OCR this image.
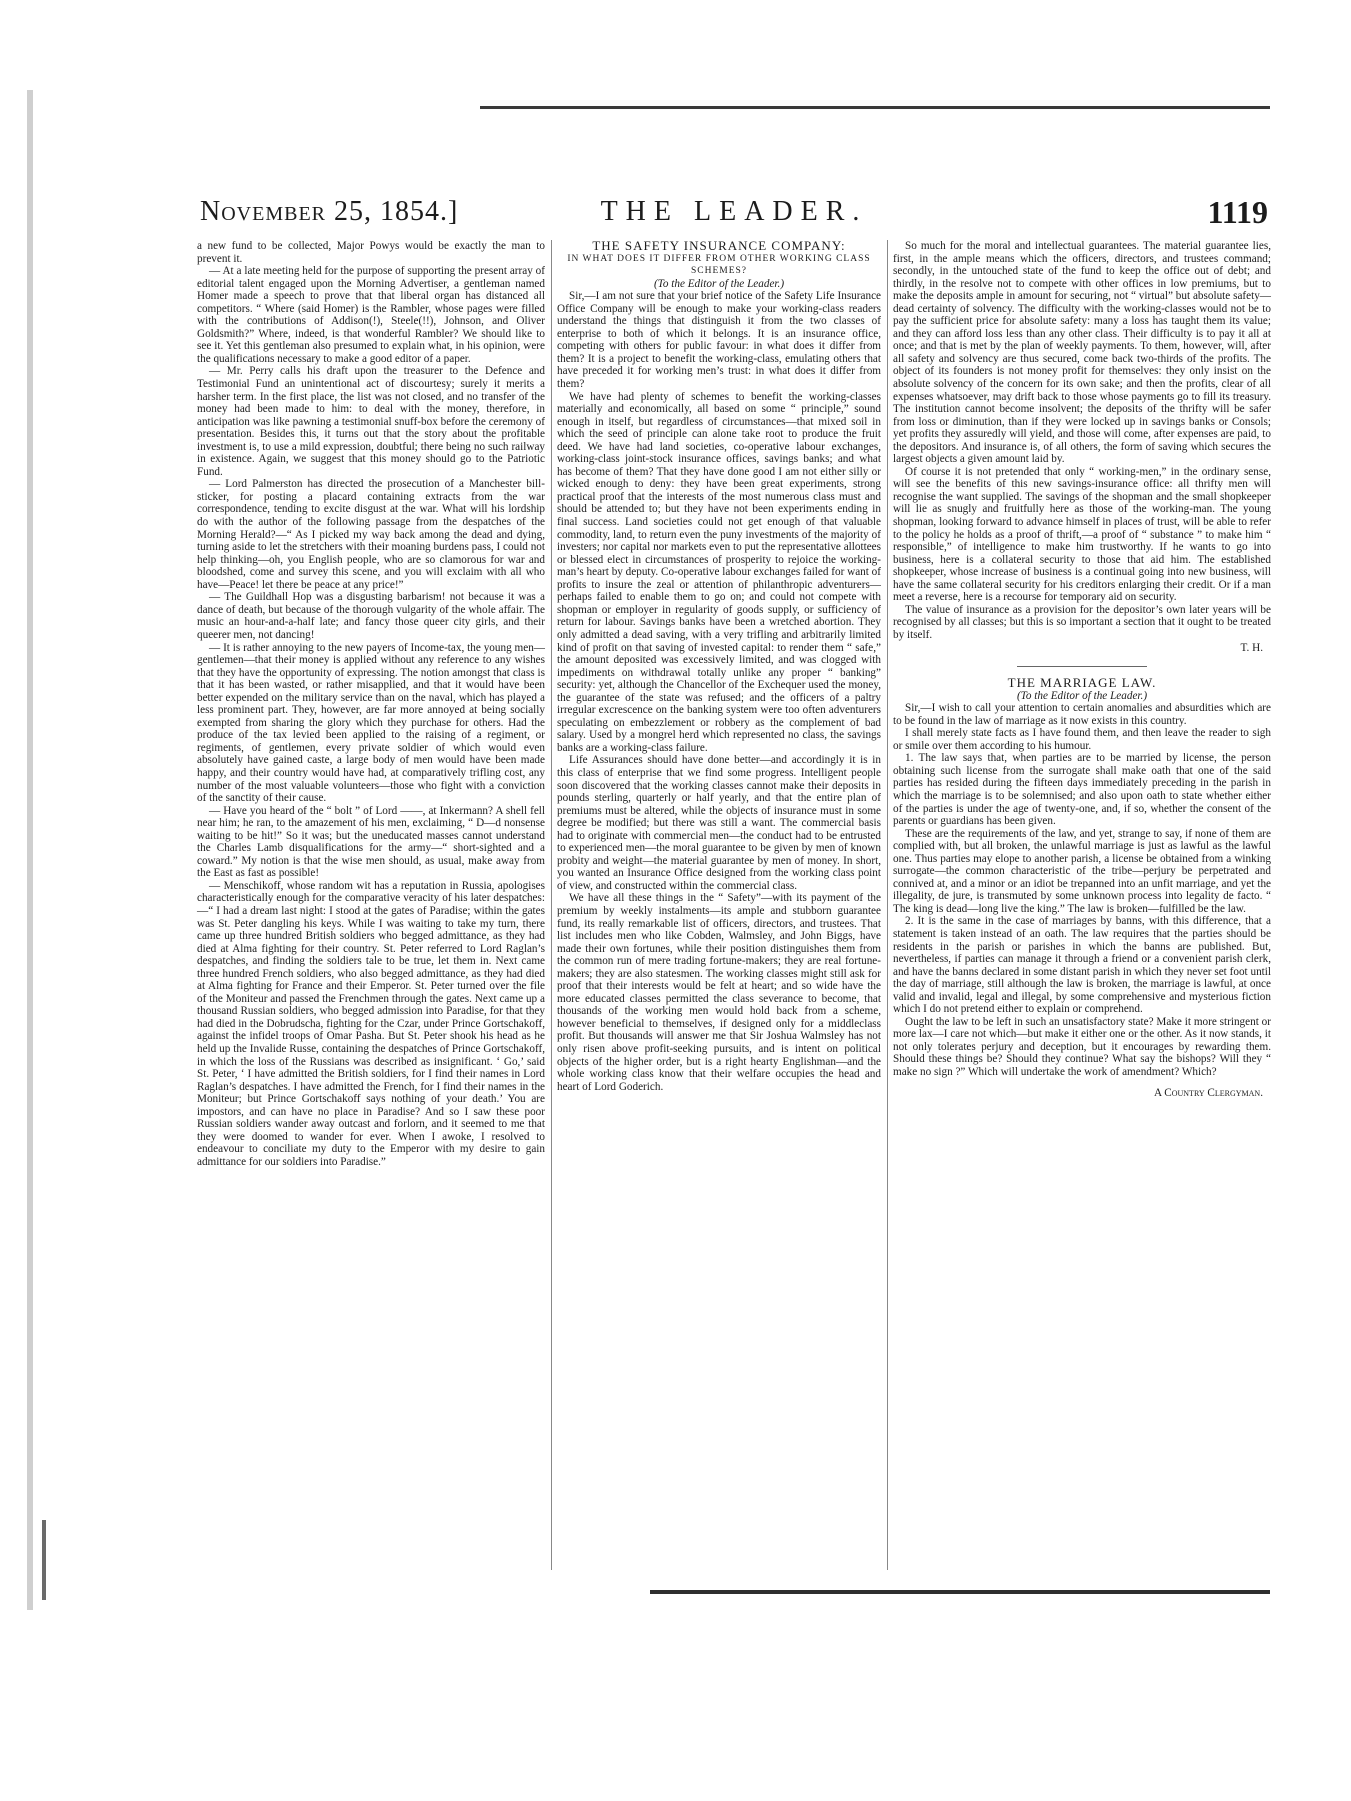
November 25, 1854.]	THE LEADER.	1119

a new fund to be collected, Major Powys would be exactly the man to prevent it.

— At a late meeting held for the purpose of supporting the present array of editorial talent engaged upon the Morning Advertiser, a gentleman named Homer made a speech to prove that that liberal organ has distanced all competitors. “ Where (said Homer) is the Rambler, whose pages were filled with the contributions of Addison(!), Steele(!!), Johnson, and Oliver Goldsmith?” Where, indeed, is that wonderful Rambler? We should like to see it. Yet this gentleman also presumed to explain what, in his opinion, were the qualifications necessary to make a good editor of a paper.

— Mr. Perry calls his draft upon the treasurer to the Defence and Testimonial Fund an unintentional act of discourtesy; surely it merits a harsher term. In the first place, the list was not closed, and no transfer of the money had been made to him: to deal with the money, therefore, in anticipation was like pawning a testimonial snuff-box before the ceremony of presentation. Besides this, it turns out that the story about the profitable investment is, to use a mild expression, doubtful; there being no such railway in existence. Again, we suggest that this money should go to the Patriotic Fund.

— Lord Palmerston has directed the prosecution of a Manchester bill-sticker, for posting a placard containing extracts from the war correspondence, tending to excite disgust at the war. What will his lordship do with the author of the following passage from the despatches of the Morning Herald?—“ As I picked my way back among the dead and dying, turning aside to let the stretchers with their moaning burdens pass, I could not help thinking—oh, you English people, who are so clamorous for war and bloodshed, come and survey this scene, and you will exclaim with all who have—Peace! let there be peace at any price!”

— The Guildhall Hop was a disgusting barbarism! not because it was a dance of death, but because of the thorough vulgarity of the whole affair. The music an hour-and-a-half late; and fancy those queer city girls, and their queerer men, not dancing!

— It is rather annoying to the new payers of Income-tax, the young men—gentlemen—that their money is applied without any reference to any wishes that they have the opportunity of expressing. The notion amongst that class is that it has been wasted, or rather misapplied, and that it would have been better expended on the military service than on the naval, which has played a less prominent part. They, however, are far more annoyed at being socially exempted from sharing the glory which they purchase for others. Had the produce of the tax levied been applied to the raising of a regiment, or regiments, of gentlemen, every private soldier of which would even absolutely have gained caste, a large body of men would have been made happy, and their country would have had, at comparatively trifling cost, any number of the most valuable volunteers—those who fight with a conviction of the sanctity of their cause.

— Have you heard of the “ bolt ” of Lord ——, at Inkermann? A shell fell near him; he ran, to the amazement of his men, exclaiming, “ D—d nonsense waiting to be hit!” So it was; but the uneducated masses cannot understand the Charles Lamb disqualifications for the army—“ short-sighted and a coward.” My notion is that the wise men should, as usual, make away from the East as fast as possible!

— Menschikoff, whose random wit has a reputation in Russia, apologises characteristically enough for the comparative veracity of his later despatches:—“ I had a dream last night: I stood at the gates of Paradise; within the gates was St. Peter dangling his keys. While I was waiting to take my turn, there came up three hundred British soldiers who begged admittance, as they had died at Alma fighting for their country. St. Peter referred to Lord Raglan’s despatches, and finding the soldiers tale to be true, let them in. Next came three hundred French soldiers, who also begged admittance, as they had died at Alma fighting for France and their Emperor. St. Peter turned over the file of the Moniteur and passed the Frenchmen through the gates. Next came up a thousand Russian soldiers, who begged admission into Paradise, for that they had died in the Dobrudscha, fighting for the Czar, under Prince Gortschakoff, against the infidel troops of Omar Pasha. But St. Peter shook his head as he held up the Invalide Russe, containing the despatches of Prince Gortschakoff, in which the loss of the Russians was described as insignificant. ‘ Go,’ said St. Peter, ‘ I have admitted the British soldiers, for I find their names in Lord Raglan’s despatches. I have admitted the French, for I find their names in the Moniteur; but Prince Gortschakoff says nothing of your death.’ You are impostors, and can have no place in Paradise? And so I saw these poor Russian soldiers wander away outcast and forlorn, and it seemed to me that they were doomed to wander for ever. When I awoke, I resolved to endeavour to conciliate my duty to the Emperor with my desire to gain admittance for our soldiers into Paradise.”

THE SAFETY INSURANCE COMPANY:

IN WHAT DOES IT DIFFER FROM OTHER WORKING CLASS SCHEMES?

(To the Editor of the Leader.)

Sir,—I am not sure that your brief notice of the Safety Life Insurance Office Company will be enough to make your working-class readers understand the things that distinguish it from the two classes of enterprise to both of which it belongs. It is an insurance office, competing with others for public favour: in what does it differ from them? It is a project to benefit the working-class, emulating others that have preceded it for working men’s trust: in what does it differ from them?

We have had plenty of schemes to benefit the working-classes materially and economically, all based on some “ principle,” sound enough in itself, but regardless of circumstances—that mixed soil in which the seed of principle can alone take root to produce the fruit deed. We have had land societies, co-operative labour exchanges, working-class joint-stock insurance offices, savings banks; and what has become of them? That they have done good I am not either silly or wicked enough to deny: they have been great experiments, strong practical proof that the interests of the most numerous class must and should be attended to; but they have not been experiments ending in final success. Land societies could not get enough of that valuable commodity, land, to return even the puny investments of the majority of investers; nor capital nor markets even to put the representative allottees or blessed elect in circumstances of prosperity to rejoice the working-man’s heart by deputy. Co-operative labour exchanges failed for want of profits to insure the zeal or attention of philanthropic adventurers—perhaps failed to enable them to go on; and could not compete with shopman or employer in regularity of goods supply, or sufficiency of return for labour. Savings banks have been a wretched abortion. They only admitted a dead saving, with a very trifling and arbitrarily limited kind of profit on that saving of invested capital: to render them “ safe,” the amount deposited was excessively limited, and was clogged with impediments on withdrawal totally unlike any proper “ banking” security: yet, although the Chancellor of the Exchequer used the money, the guarantee of the state was refused; and the officers of a paltry irregular excrescence on the banking system were too often adventurers speculating on embezzlement or robbery as the complement of bad salary. Used by a mongrel herd which represented no class, the savings banks are a working-class failure.

Life Assurances should have done better—and accordingly it is in this class of enterprise that we find some progress. Intelligent people soon discovered that the working classes cannot make their deposits in pounds sterling, quarterly or half yearly, and that the entire plan of premiums must be altered, while the objects of insurance must in some degree be modified; but there was still a want. The commercial basis had to originate with commercial men—the conduct had to be entrusted to experienced men—the moral guarantee to be given by men of known probity and weight—the material guarantee by men of money. In short, you wanted an Insurance Office designed from the working class point of view, and constructed within the commercial class.

We have all these things in the “ Safety”—with its payment of the premium by weekly instalments—its ample and stubborn guarantee fund, its really remarkable list of officers, directors, and trustees. That list includes men who like Cobden, Walmsley, and John Biggs, have made their own fortunes, while their position distinguishes them from the common run of mere trading fortune-makers; they are real fortune-makers; they are also statesmen. The working classes might still ask for proof that their interests would be felt at heart; and so wide have the more educated classes permitted the class severance to become, that thousands of the working men would hold back from a scheme, however beneficial to themselves, if designed only for a middleclass profit. But thousands will answer me that Sir Joshua Walmsley has not only risen above profit-seeking pursuits, and is intent on political objects of the higher order, but is a right hearty Englishman—and the whole working class know that their welfare occupies the head and heart of Lord Goderich.

So much for the moral and intellectual guarantees. The material guarantee lies, first, in the ample means which the officers, directors, and trustees command; secondly, in the untouched state of the fund to keep the office out of debt; and thirdly, in the resolve not to compete with other offices in low premiums, but to make the deposits ample in amount for securing, not “ virtual” but absolute safety—dead certainty of solvency. The difficulty with the working-classes would not be to pay the sufficient price for absolute safety: many a loss has taught them its value; and they can afford loss less than any other class. Their difficulty is to pay it all at once; and that is met by the plan of weekly payments. To them, however, will, after all safety and solvency are thus secured, come back two-thirds of the profits. The object of its founders is not money profit for themselves: they only insist on the absolute solvency of the concern for its own sake; and then the profits, clear of all expenses whatsoever, may drift back to those whose payments go to fill its treasury. The institution cannot become insolvent; the deposits of the thrifty will be safer from loss or diminution, than if they were locked up in savings banks or Consols; yet profits they assuredly will yield, and those will come, after expenses are paid, to the depositors. And insurance is, of all others, the form of saving which secures the largest objects a given amount laid by.

Of course it is not pretended that only “ working-men,” in the ordinary sense, will see the benefits of this new savings-insurance office: all thrifty men will recognise the want supplied. The savings of the shopman and the small shopkeeper will lie as snugly and fruitfully here as those of the working-man. The young shopman, looking forward to advance himself in places of trust, will be able to refer to the policy he holds as a proof of thrift,—a proof of “ substance ” to make him “ responsible,” of intelligence to make him trustworthy. If he wants to go into business, here is a collateral security to those that aid him. The established shopkeeper, whose increase of business is a continual going into new business, will have the same collateral security for his creditors enlarging their credit. Or if a man meet a reverse, here is a recourse for temporary aid on security.

The value of insurance as a provision for the depositor’s own later years will be recognised by all classes; but this is so important a section that it ought to be treated by itself.

T. H.

THE MARRIAGE LAW.

(To the Editor of the Leader.)

Sir,—I wish to call your attention to certain anomalies and absurdities which are to be found in the law of marriage as it now exists in this country.

I shall merely state facts as I have found them, and then leave the reader to sigh or smile over them according to his humour.

1. The law says that, when parties are to be married by license, the person obtaining such license from the surrogate shall make oath that one of the said parties has resided during the fifteen days immediately preceding in the parish in which the marriage is to be solemnised; and also upon oath to state whether either of the parties is under the age of twenty-one, and, if so, whether the consent of the parents or guardians has been given.

These are the requirements of the law, and yet, strange to say, if none of them are complied with, but all broken, the unlawful marriage is just as lawful as the lawful one. Thus parties may elope to another parish, a license be obtained from a winking surrogate—the common characteristic of the tribe—perjury be perpetrated and connived at, and a minor or an idiot be trepanned into an unfit marriage, and yet the illegality, de jure, is transmuted by some unknown process into legality de facto. “ The king is dead—long live the king.” The law is broken—fulfilled be the law.

2. It is the same in the case of marriages by banns, with this difference, that a statement is taken instead of an oath. The law requires that the parties should be residents in the parish or parishes in which the banns are published. But, nevertheless, if parties can manage it through a friend or a convenient parish clerk, and have the banns declared in some distant parish in which they never set foot until the day of marriage, still although the law is broken, the marriage is lawful, at once valid and invalid, legal and illegal, by some comprehensive and mysterious fiction which I do not pretend either to explain or comprehend.

Ought the law to be left in such an unsatisfactory state? Make it more stringent or more lax—I care not which—but make it either one or the other. As it now stands, it not only tolerates perjury and deception, but it encourages by rewarding them. Should these things be? Should they continue? What say the bishops? Will they “ make no sign ?” Which will undertake the work of amendment? Which?

A Country Clergyman.
